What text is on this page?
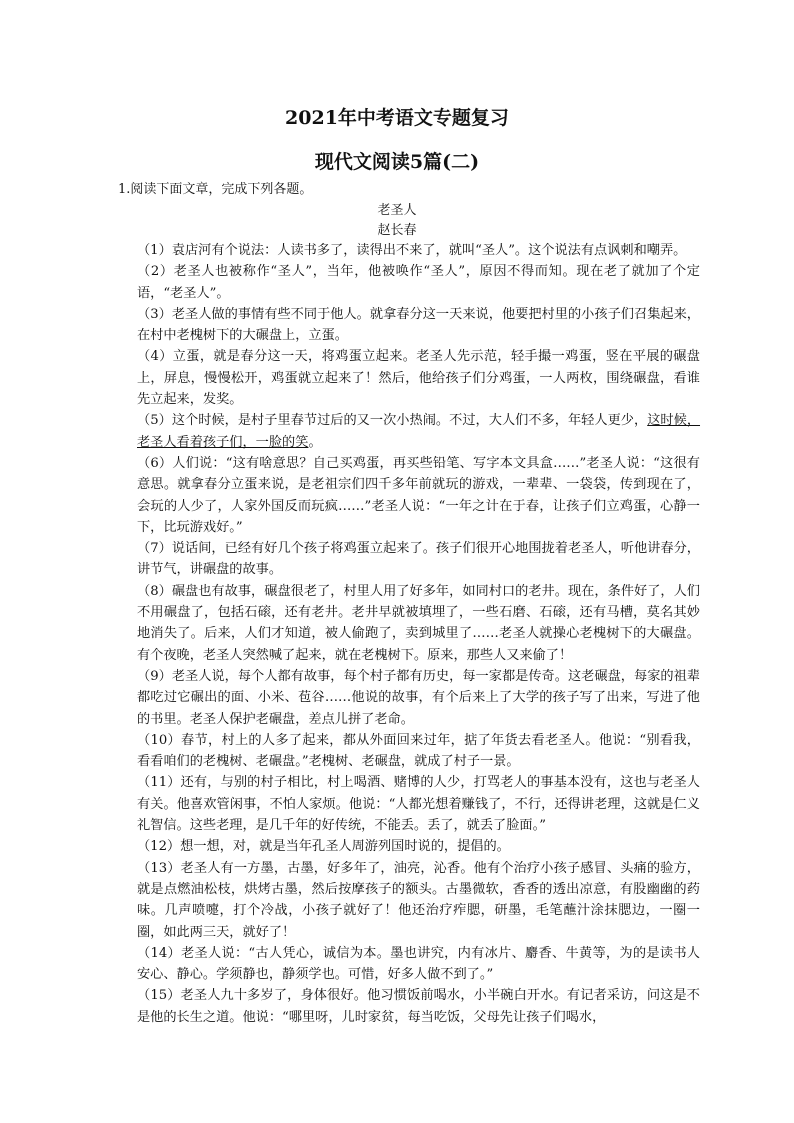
2021年中考语文专题复习
现代文阅读5篇(二)
1.阅读下面文章，完成下列各题。
老圣人
赵长春

（1）袁店河有个说法：人读书多了，读得出不来了，就叫“圣人”。这个说法有点讽刺和嘲弄。

（2）老圣人也被称作“圣人”，当年，他被唤作“圣人”，原因不得而知。现在老了就加了个定语，“老圣人”。

（3）老圣人做的事情有些不同于他人。就拿春分这一天来说，他要把村里的小孩子们召集起来，在村中老槐树下的大碾盘上，立蛋。

（4）立蛋，就是春分这一天，将鸡蛋立起来。老圣人先示范，轻手撮一鸡蛋，竖在平展的碾盘上，屏息，慢慢松开，鸡蛋就立起来了！然后，他给孩子们分鸡蛋，一人两枚，围绕碾盘，看谁先立起来，发奖。

（5）这个时候，是村子里春节过后的又一次小热闹。不过，大人们不多，年轻人更少，这时候，老圣人看着孩子们，一脸的笑。

（6）人们说：“这有啥意思？自己买鸡蛋，再买些铅笔、写字本文具盒……”老圣人说：“这很有意思。就拿春分立蛋来说，是老祖宗们四千多年前就玩的游戏，一辈辈、一袋袋，传到现在了，会玩的人少了，人家外国反而玩疯……”老圣人说：“一年之计在于春，让孩子们立鸡蛋，心静一下，比玩游戏好。”

（7）说话间，已经有好几个孩子将鸡蛋立起来了。孩子们很开心地围拢着老圣人，听他讲春分，讲节气，讲碾盘的故事。

（8）碾盘也有故事，碾盘很老了，村里人用了好多年，如同村口的老井。现在，条件好了，人们不用碾盘了，包括石磙，还有老井。老井早就被填埋了，一些石磨、石磙，还有马槽，莫名其妙地消失了。后来，人们才知道，被人偷跑了，卖到城里了……老圣人就操心老槐树下的大碾盘。有个夜晚，老圣人突然喊了起来，就在老槐树下。原来，那些人又来偷了！

（9）老圣人说，每个人都有故事，每个村子都有历史，每一家都是传奇。这老碾盘，每家的祖辈都吃过它碾出的面、小米、苞谷……他说的故事，有个后来上了大学的孩子写了出来，写进了他的书里。老圣人保护老碾盘，差点儿拼了老命。

（10）春节，村上的人多了起来，都从外面回来过年，掂了年货去看老圣人。他说：“别看我，看看咱们的老槐树、老碾盘。”老槐树、老碾盘，就成了村子一景。

（11）还有，与别的村子相比，村上喝酒、赌博的人少，打骂老人的事基本没有，这也与老圣人有关。他喜欢管闲事，不怕人家烦。他说：“人都光想着赚钱了，不行，还得讲老理，这就是仁义礼智信。这些老理，是几千年的好传统，不能丢。丢了，就丢了脸面。”

（12）想一想，对，就是当年孔圣人周游列国时说的，提倡的。

（13）老圣人有一方墨，古墨，好多年了，油亮，沁香。他有个治疗小孩子感冒、头痛的验方，就是点燃油松枝，烘烤古墨，然后按摩孩子的额头。古墨微软，香香的透出凉意，有股幽幽的药味。几声喷嚏，打个冷战，小孩子就好了！他还治疗痄腮，研墨，毛笔蘸汁涂抹腮边，一圈一圈，如此两三天，就好了！

（14）老圣人说：“古人凭心，诚信为本。墨也讲究，内有冰片、麝香、牛黄等，为的是读书人安心、静心。学须静也，静须学也。可惜，好多人做不到了。”

（15）老圣人九十多岁了，身体很好。他习惯饭前喝水，小半碗白开水。有记者采访，问这是不是他的长生之道。他说：“哪里呀，儿时家贫，每当吃饭，父母先让孩子们喝水，
